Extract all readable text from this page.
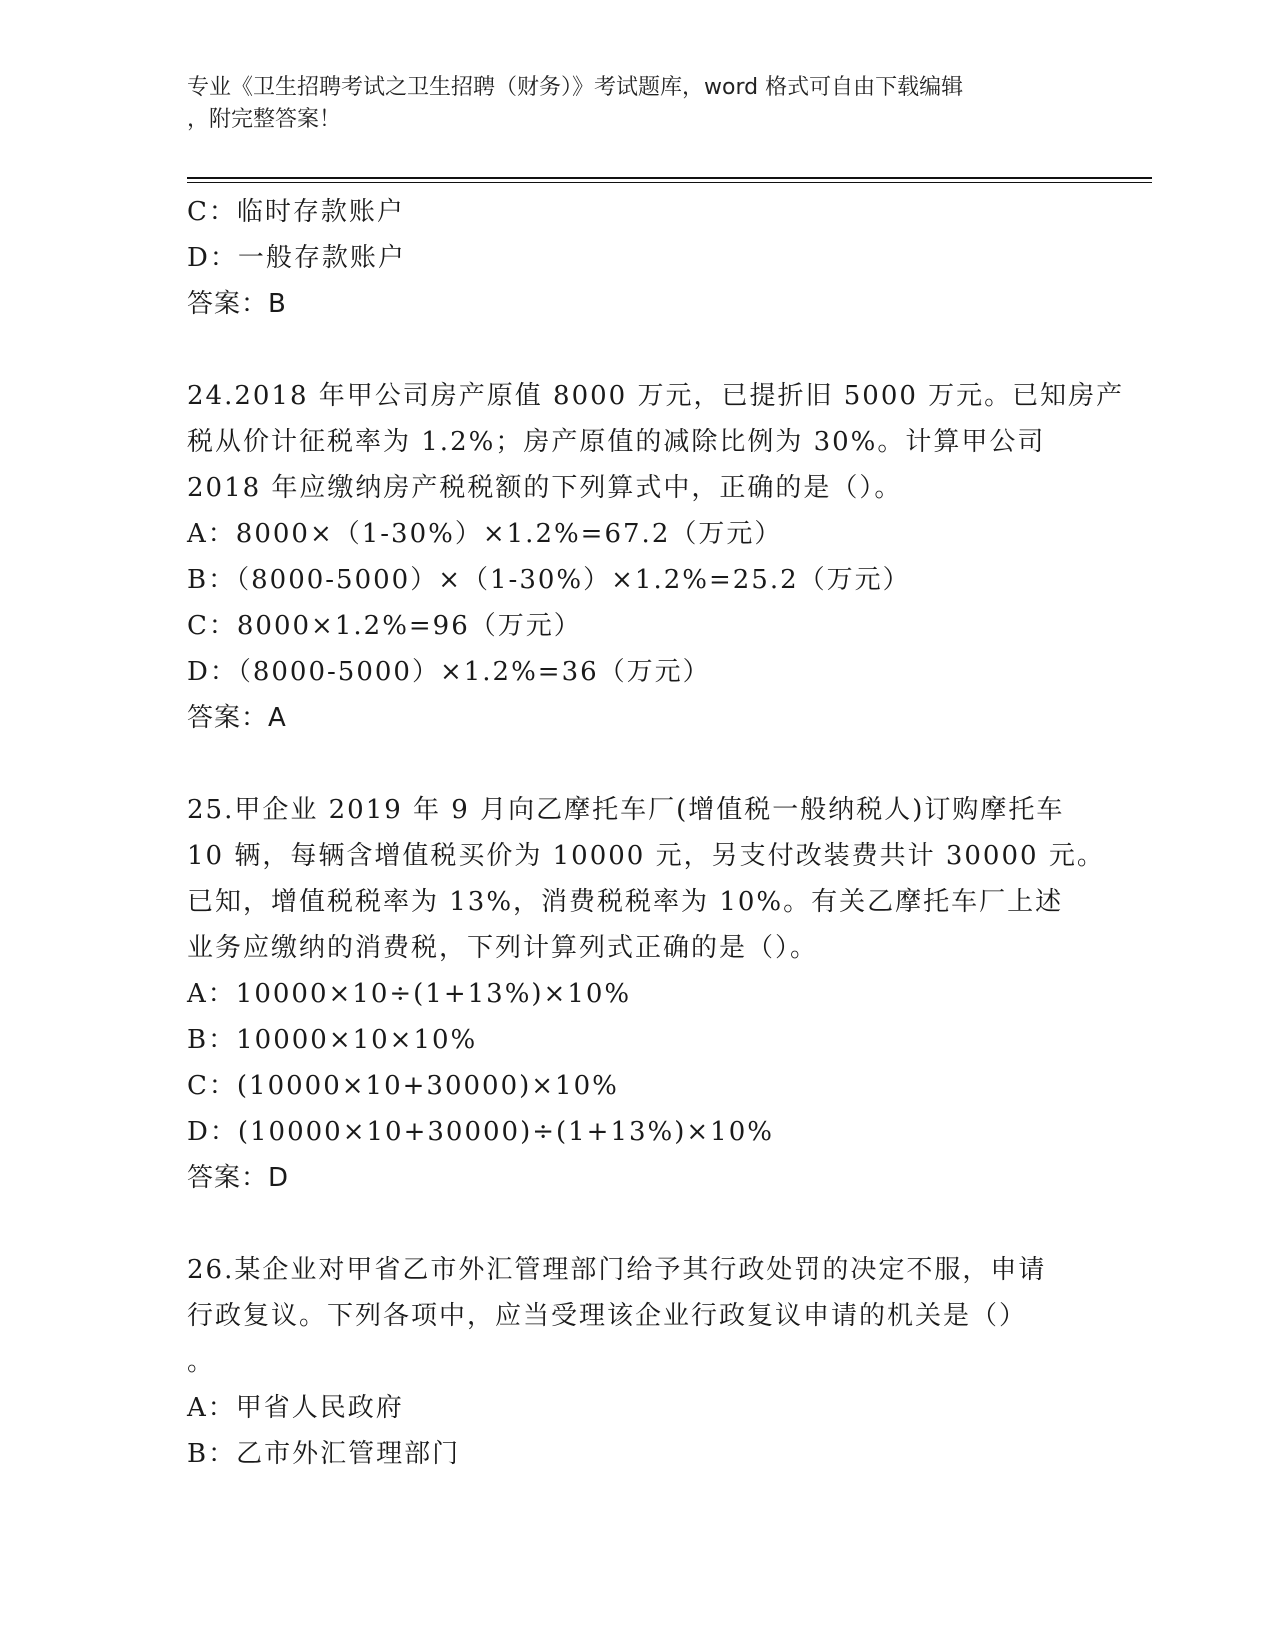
专业《卫生招聘考试之卫生招聘（财务）》考试题库，word 格式可自由下载编辑
，附完整答案！
C：临时存款账户
D：一般存款账户
答案：B
24.2018 年甲公司房产原值 8000 万元，已提折旧 5000 万元。已知房产
税从价计征税率为 1.2%；房产原值的减除比例为 30%。计算甲公司
2018 年应缴纳房产税税额的下列算式中，正确的是（）。
A：8000×（1-30%）×1.2%=67.2（万元）
B：（8000-5000）×（1-30%）×1.2%=25.2（万元）
C：8000×1.2%=96（万元）
D：（8000-5000）×1.2%=36（万元）
答案：A
25.甲企业 2019 年 9 月向乙摩托车厂(增值税一般纳税人)订购摩托车
10 辆，每辆含增值税买价为 10000 元，另支付改装费共计 30000 元。
已知，增值税税率为 13%，消费税税率为 10%。有关乙摩托车厂上述
业务应缴纳的消费税，下列计算列式正确的是（）。
A：10000×10÷(1+13%)×10%
B：10000×10×10%
C：(10000×10+30000)×10%
D：(10000×10+30000)÷(1+13%)×10%
答案：D
26.某企业对甲省乙市外汇管理部门给予其行政处罚的决定不服，申请
行政复议。下列各项中，应当受理该企业行政复议申请的机关是（）
。
A：甲省人民政府
B：乙市外汇管理部门
